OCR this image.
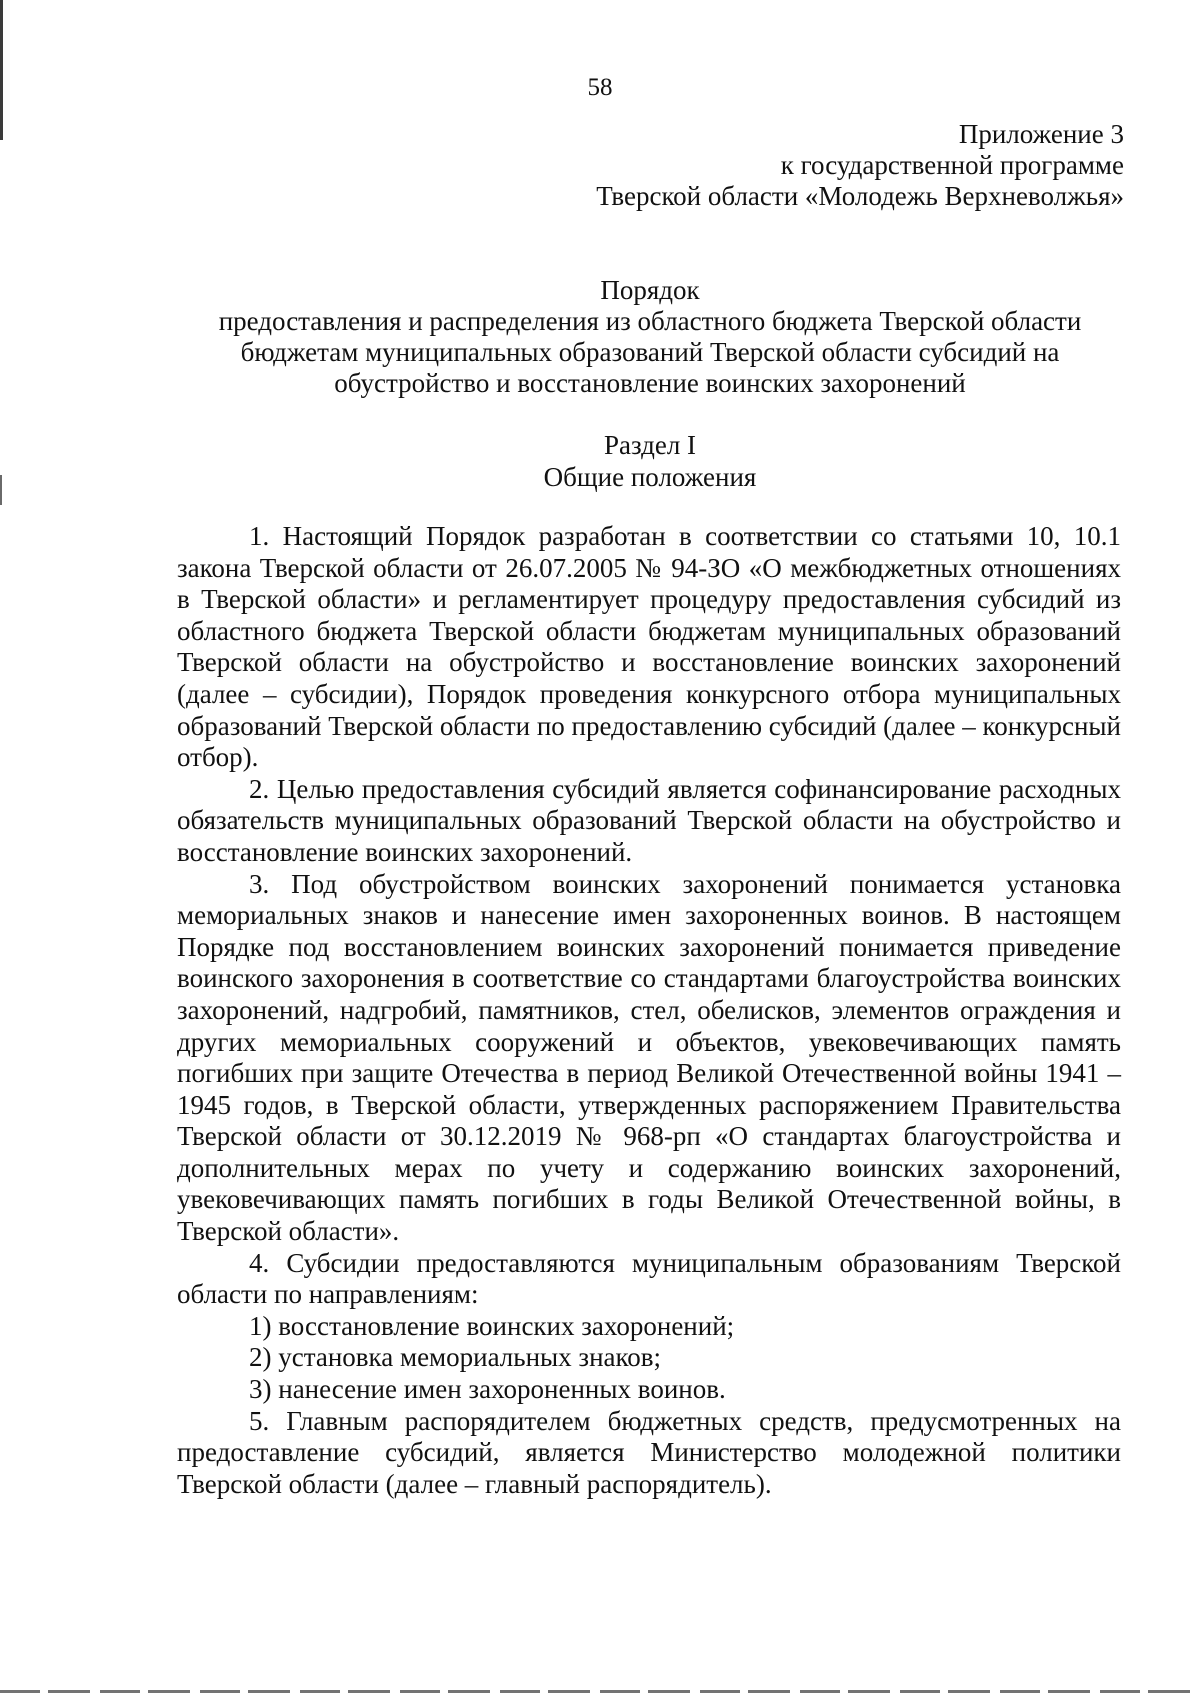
58
Приложение 3
к государственной программе
Тверской области «Молодежь Верхневолжья»
Порядок
предоставления и распределения из областного бюджета Тверской области
бюджетам муниципальных образований Тверской области субсидий на
обустройство и восстановление воинских захоронений
Раздел I
Общие положения

1. Настоящий Порядок разработан в соответствии со статьями 10, 10.1 закона Тверской области от 26.07.2005 № 94-ЗО «О межбюджетных отношениях в Тверской области» и регламентирует процедуру предоставления субсидий из областного бюджета Тверской области бюджетам муниципальных образований Тверской области на обустройство и восстановление воинских захоронений (далее – субсидии), Порядок проведения конкурсного отбора муниципальных образований Тверской области по предоставлению субсидий (далее – конкурсный отбор).

2. Целью предоставления субсидий является софинансирование расходных обязательств муниципальных образований Тверской области на обустройство и восстановление воинских захоронений.

3. Под обустройством воинских захоронений понимается установка мемориальных знаков и нанесение имен захороненных воинов. В настоящем Порядке под восстановлением воинских захоронений понимается приведение воинского захоронения в соответствие со стандартами благоустройства воинских захоронений, надгробий, памятников, стел, обелисков, элементов ограждения и других мемориальных сооружений и объектов, увековечивающих память погибших при защите Отечества в период Великой Отечественной войны 1941 – 1945 годов, в Тверской области, утвержденных распоряжением Правительства Тверской области от 30.12.2019 № 968-рп «О стандартах благоустройства и дополнительных мерах по учету и содержанию воинских захоронений, увековечивающих память погибших в годы Великой Отечественной войны, в Тверской области».

4. Субсидии предоставляются муниципальным образованиям Тверской области по направлениям:

1) восстановление воинских захоронений;

2) установка мемориальных знаков;

3) нанесение имен захороненных воинов.

5. Главным распорядителем бюджетных средств, предусмотренных на предоставление субсидий, является Министерство молодежной политики Тверской области (далее – главный распорядитель).
